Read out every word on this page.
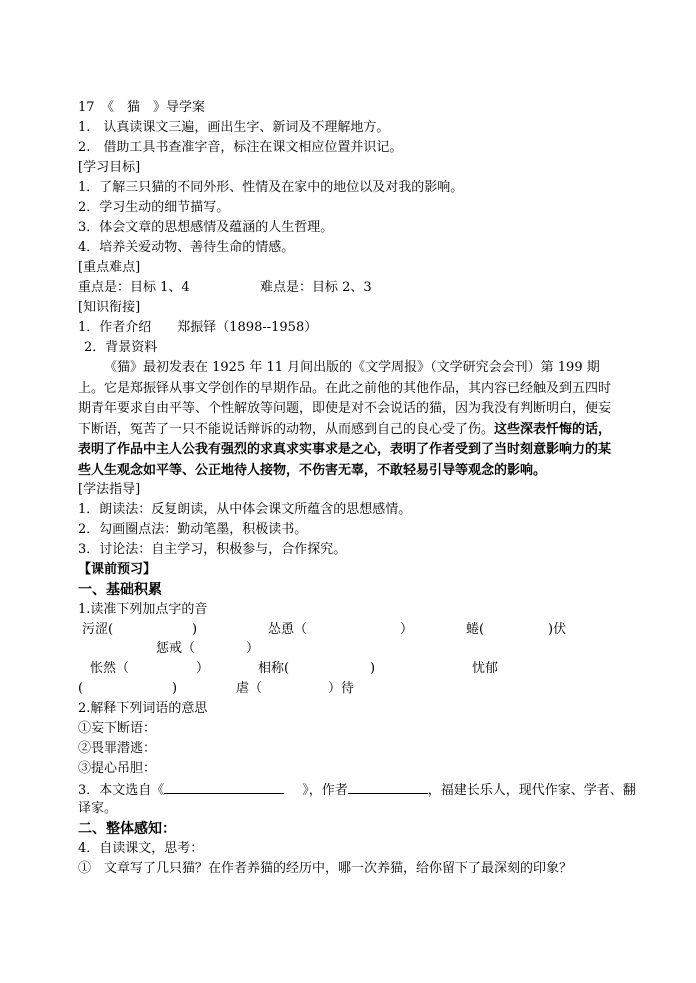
17　《　猫　》导学案
1.　认真读课文三遍，画出生字、新词及不理解地方。
2.　借助工具书查准字音，标注在课文相应位置并识记。
[学习目标]
1．了解三只猫的不同外形、性情及在家中的地位以及对我的影响。
2．学习生动的细节描写。
3．体会文章的思想感情及蕴涵的人生哲理。
4．培养关爱动物、善待生命的情感。
[重点难点]
重点是：目标 1、4	难点是：目标 2、3
[知识衔接]
1．作者介绍　　郑振铎（1898--1958）
2．背景资料
《猫》最初发表在 1925 年 11 月间出版的《文学周报》（文学研究会会刊）第 199 期上。它是郑振铎从事文学创作的早期作品。在此之前他的其他作品，其内容已经触及到五四时期青年要求自由平等、个性解放等问题，即使是对不会说话的猫，因为我没有判断明白，便妄下断语，冤苦了一只不能说话辩诉的动物，从而感到自己的良心受了伤。这些深表忏悔的话，表明了作品中主人公我有强烈的求真求实事求是之心，表明了作者受到了当时刻意影响力的某些人生观念如平等、公正地待人接物，不伤害无辜，不敢轻易引导等观念的影响。
[学法指导]
1．朗读法：反复朗读，从中体会课文所蕴含的思想感情。
2．勾画圈点法：勤动笔墨，积极读书。
3．讨论法：自主学习，积极参与，合作探究。
【课前预习】
一、基础积累
1.读准下列加点字的音
污涩(	)	怂恿（	）	蜷(	)伏
惩戒（	）
怅然（	）	相称(	)	忧郁
(	)	虐（	）待
2.解释下列词语的意思
①妄下断语：
②畏罪潜逃：
③提心吊胆：
3．本文选自《	》，作者	，福建长乐人，现代作家、学者、翻
译家。
二、整体感知：
4．自读课文，思考：
①　文章写了几只猫？在作者养猫的经历中，哪一次养猫，给你留下了最深刻的印象？
